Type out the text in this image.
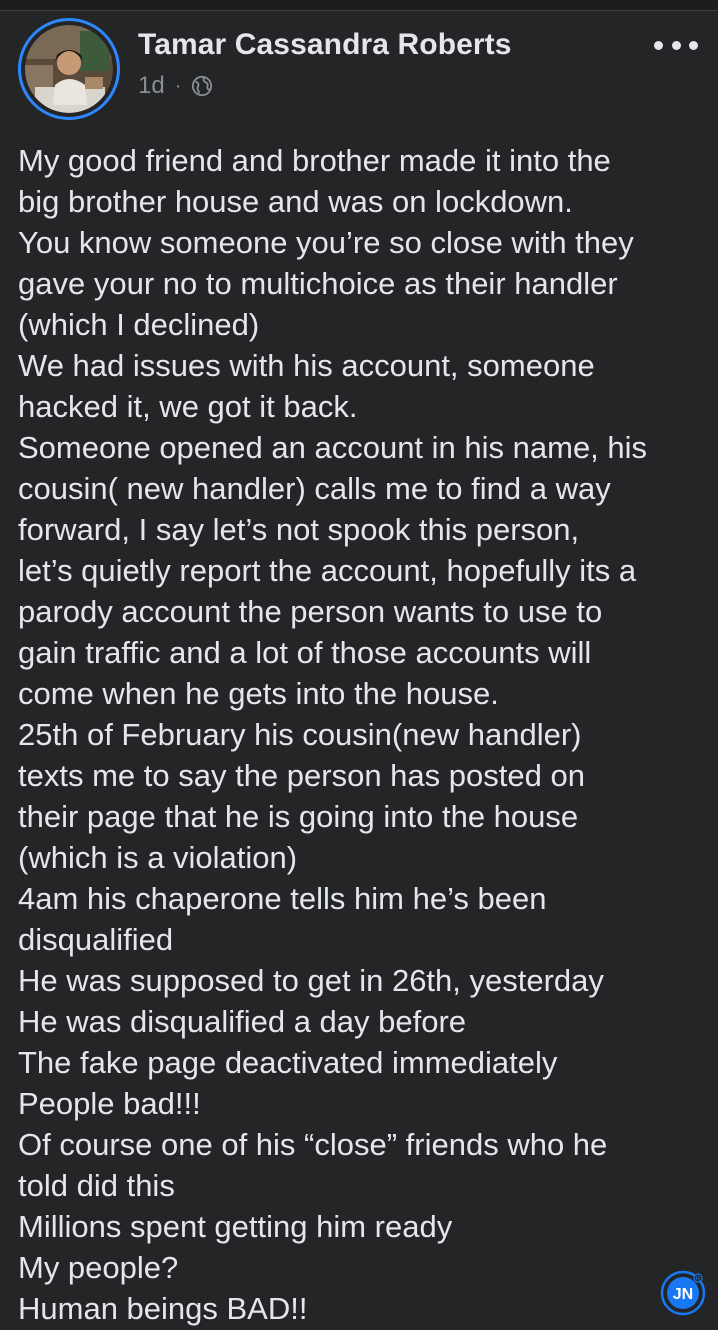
Tamar Cassandra Roberts
1d ·
My good friend and brother made it into the
big brother house and was on lockdown.
You know someone you’re so close with they
gave your no to multichoice as their handler
(which I declined)
We had issues with his account, someone
hacked it, we got it back.
Someone opened an account in his name, his
cousin( new handler) calls me to find a way
forward, I say let’s not spook this person,
let’s quietly report the account, hopefully its a
parody account the person wants to use to
gain traffic and a lot of those accounts will
come when he gets into the house.
25th of February his cousin(new handler)
texts me to say the person has posted on
their page that he is going into the house
(which is a violation)
4am his chaperone tells him he’s been
disqualified
He was supposed to get in 26th, yesterday
He was disqualified a day before
The fake page deactivated immediately
People bad!!!
Of course one of his “close” friends who he
told did this
Millions spent getting him ready
My people?
Human beings BAD!!	JN
R
